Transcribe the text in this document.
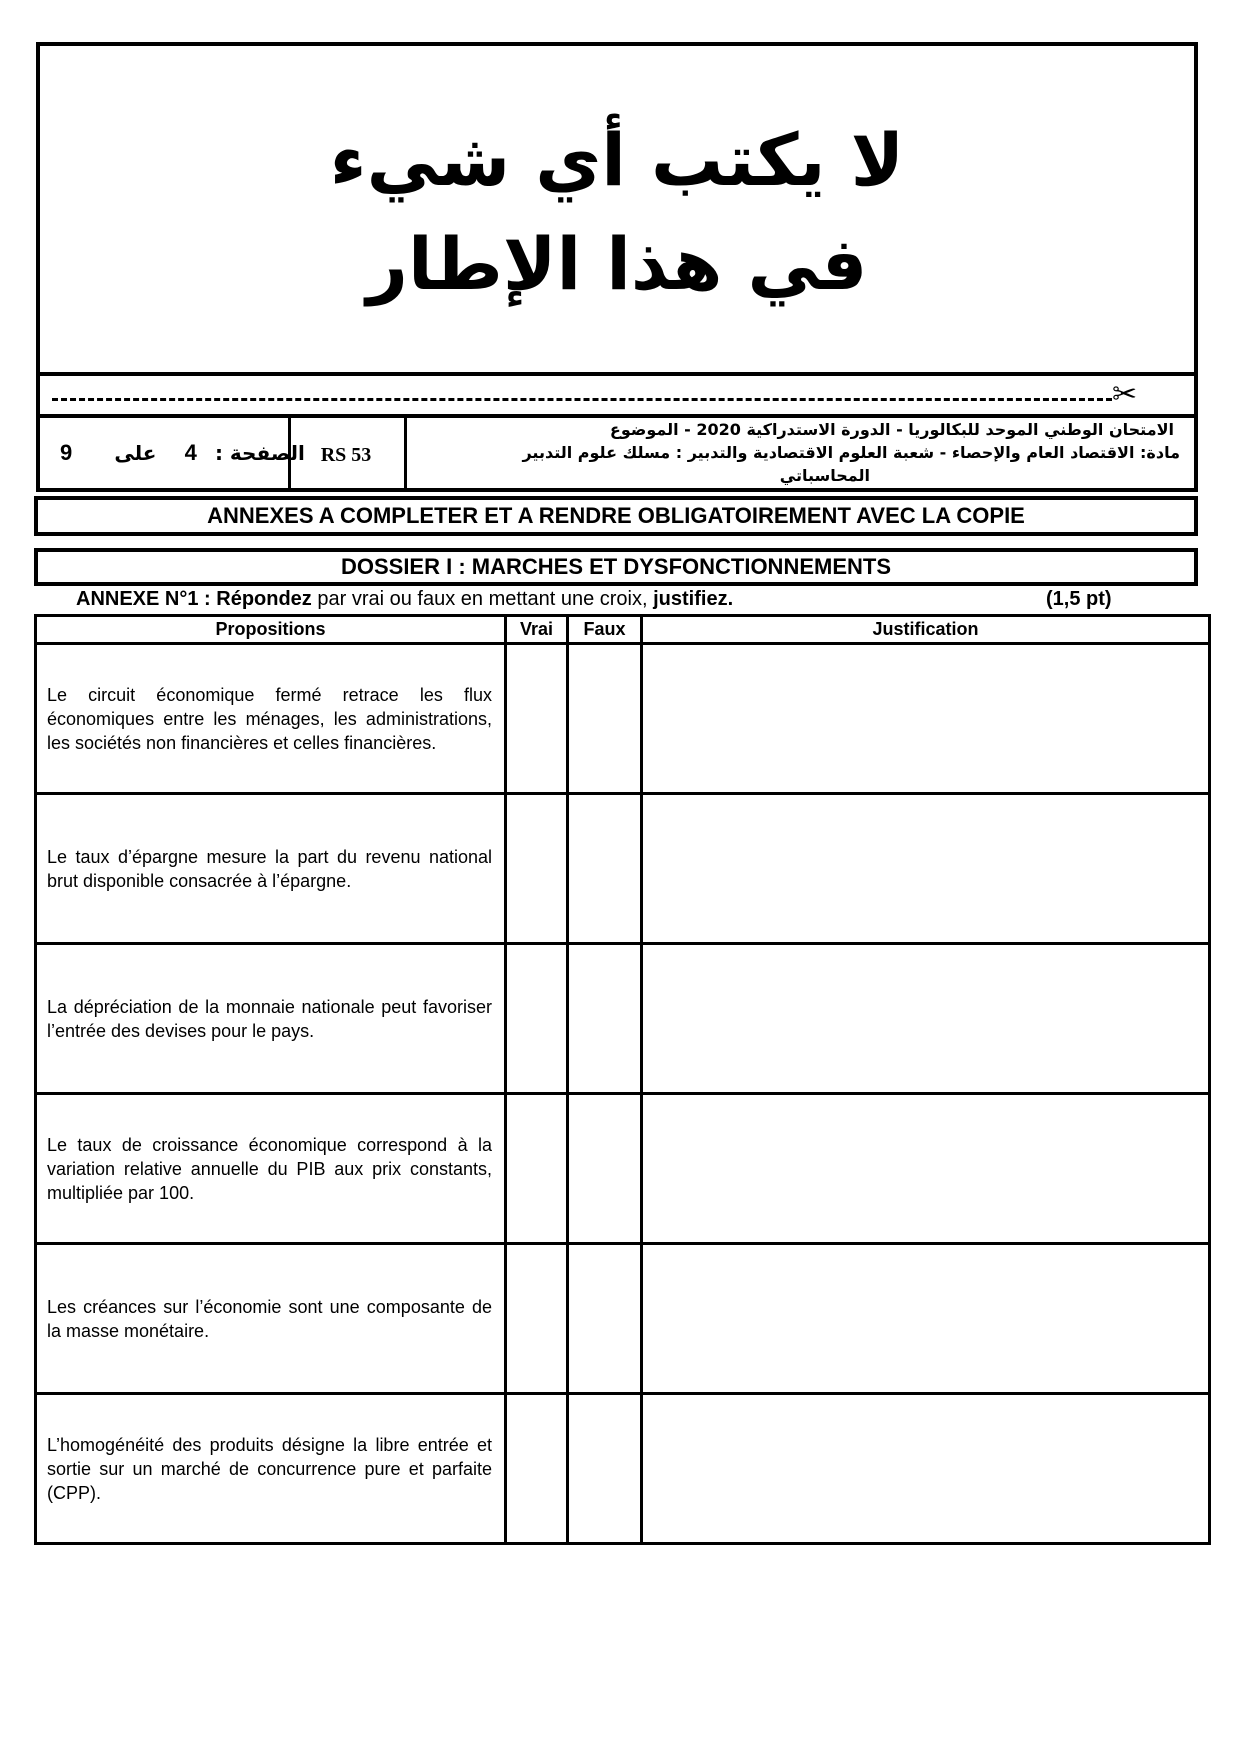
لا يكتب أي شيء
في هذا الإطار
✂
9 على 4 الصفحة : RS 53
الامتحان الوطني الموحد للبكالوريا - الدورة الاستدراكية 2020 - الموضوع
مادة: الاقتصاد العام والإحصاء - شعبة العلوم الاقتصادية والتدبير : مسلك علوم التدبير
المحاسباتي
ANNEXES A COMPLETER ET A RENDRE OBLIGATOIREMENT AVEC LA COPIE
DOSSIER I : MARCHES ET DYSFONCTIONNEMENTS
ANNEXE N°1 : Répondez par vrai ou faux en mettant une croix, justifiez.	(1,5 pt)
Propositions	Vrai	Faux	Justification
Le circuit économique fermé retrace les flux économiques entre les ménages, les administrations, les sociétés non financières et celles financières.			
Le taux d’épargne mesure la part du revenu national brut disponible consacrée à l’épargne.			
La dépréciation de la monnaie nationale peut favoriser l’entrée des devises pour le pays.			
Le taux de croissance économique correspond à la variation relative annuelle du PIB aux prix constants, multipliée par 100.			
Les créances sur l’économie sont une composante de la masse monétaire.			
L’homogénéité des produits désigne la libre entrée et sortie sur un marché de concurrence pure et parfaite (CPP).			
